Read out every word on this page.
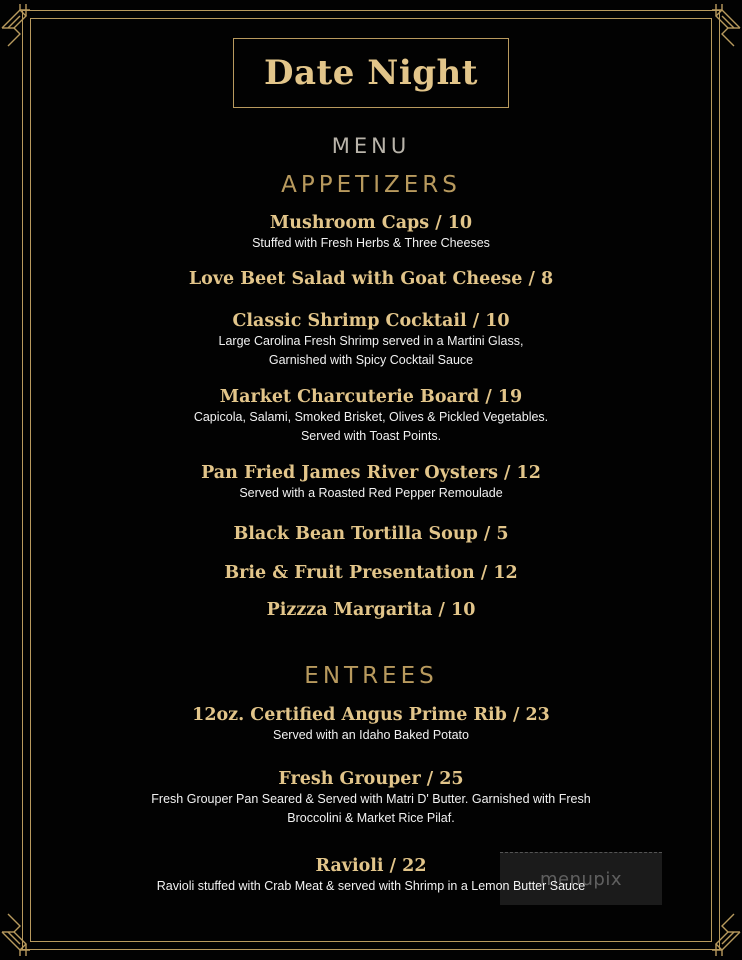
Date Night
MENU
APPETIZERS
Mushroom Caps / 10
Stuffed with Fresh Herbs & Three Cheeses
Love Beet Salad with Goat Cheese / 8
Classic Shrimp Cocktail / 10
Large Carolina Fresh Shrimp served in a Martini Glass,
Garnished with Spicy Cocktail Sauce
Market Charcuterie Board / 19
Capicola, Salami, Smoked Brisket, Olives & Pickled Vegetables.
Served with Toast Points.
Pan Fried James River Oysters / 12
Served with a Roasted Red Pepper Remoulade
Black Bean Tortilla Soup / 5
Brie & Fruit Presentation / 12
Pizzza Margarita / 10
ENTREES
12oz. Certified Angus Prime Rib / 23
Served with an Idaho Baked Potato
Fresh Grouper / 25
Fresh Grouper Pan Seared & Served with Matri D' Butter. Garnished with Fresh
Broccolini & Market Rice Pilaf.
Ravioli / 22
Ravioli stuffed with Crab Meat & served with Shrimp in a Lemon Butter Sauce
menupix
